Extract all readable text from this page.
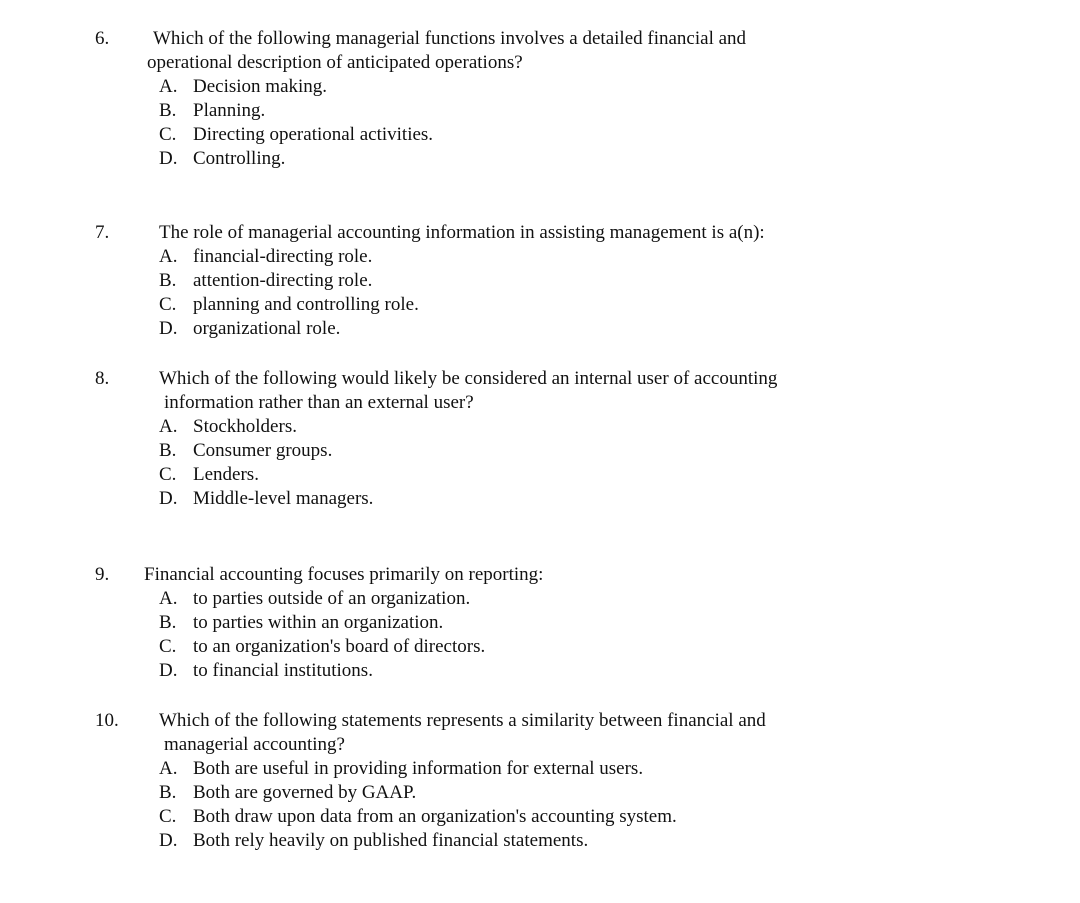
6. Which of the following managerial functions involves a detailed financial and
operational description of anticipated operations?
A. Decision making.
B. Planning.
C. Directing operational activities.
D. Controlling.
7.	The role of managerial accounting information in assisting management is a(n):
A. financial-directing role.
B. attention-directing role.
C. planning and controlling role.
D. organizational role.
8.	Which of the following would likely be considered an internal user of accounting
information rather than an external user?
A. Stockholders.
B. Consumer groups.
C. Lenders.
D. Middle-level managers.
9. Financial accounting focuses primarily on reporting:
A. to parties outside of an organization.
B. to parties within an organization.
C. to an organization's board of directors.
D. to financial institutions.
10. Which of the following statements represents a similarity between financial and
managerial accounting?
A. Both are useful in providing information for external users.
B. Both are governed by GAAP.
C. Both draw upon data from an organization's accounting system.
D. Both rely heavily on published financial statements.
